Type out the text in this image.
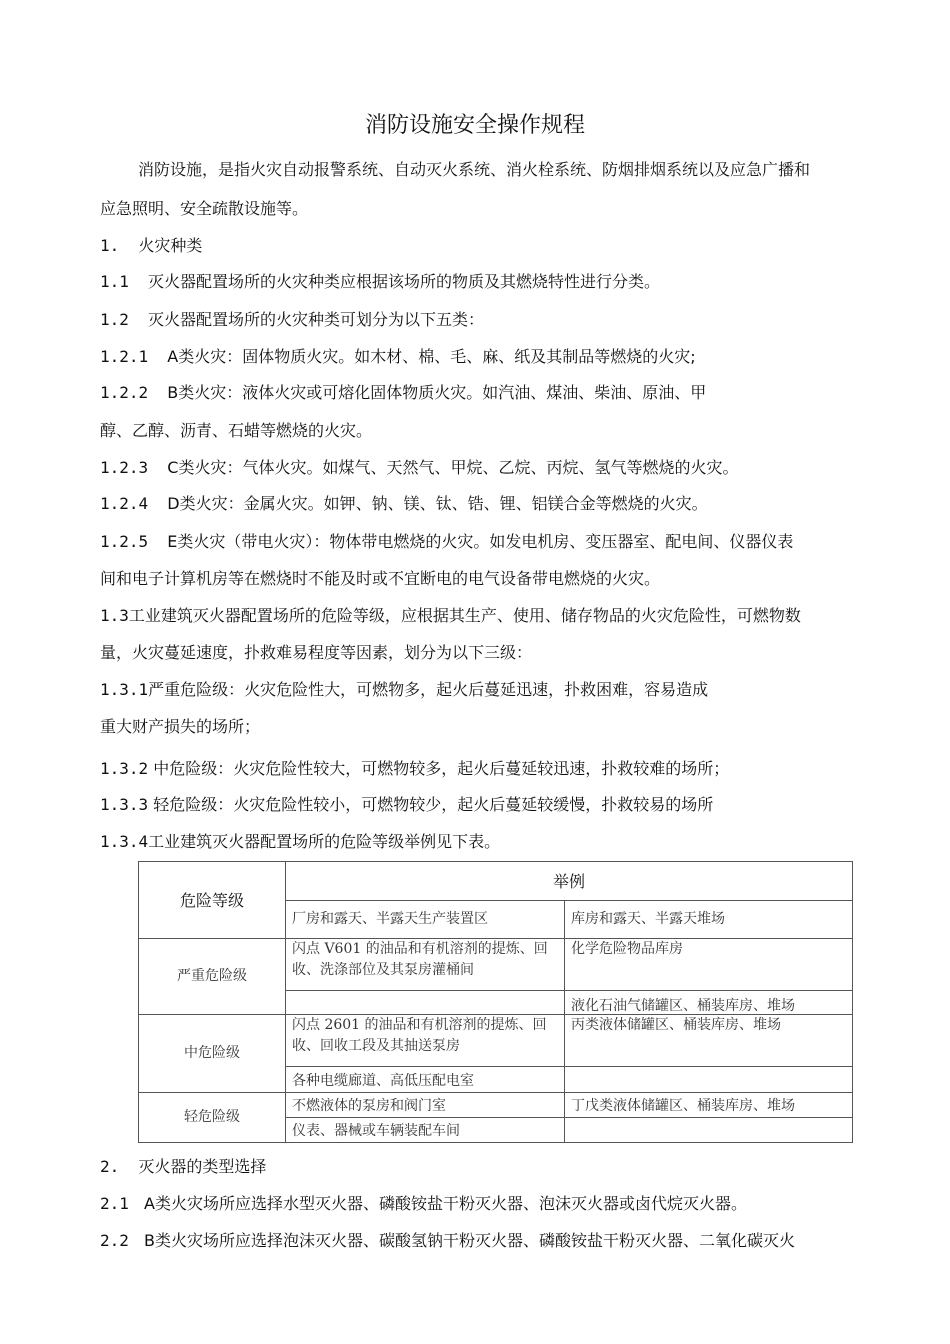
消防设施安全操作规程
消防设施，是指火灾自动报警系统、自动灭火系统、消火栓系统、防烟排烟系统以及应急广播和
应急照明、安全疏散设施等。
1. 火灾种类
1.1 灭火器配置场所的火灾种类应根据该场所的物质及其燃烧特性进行分类。
1.2 灭火器配置场所的火灾种类可划分为以下五类：
1.2.1 A类火灾：固体物质火灾。如木材、棉、毛、麻、纸及其制品等燃烧的火灾;
1.2.2 B类火灾：液体火灾或可熔化固体物质火灾。如汽油、煤油、柴油、原油、甲
醇、乙醇、沥青、石蜡等燃烧的火灾。
1.2.3 C类火灾：气体火灾。如煤气、天然气、甲烷、乙烷、丙烷、氢气等燃烧的火灾。
1.2.4 D类火灾：金属火灾。如钾、钠、镁、钛、锆、锂、铝镁合金等燃烧的火灾。
1.2.5 E类火灾（带电火灾）：物体带电燃烧的火灾。如发电机房、变压器室、配电间、仪器仪表
间和电子计算机房等在燃烧时不能及时或不宜断电的电气设备带电燃烧的火灾。
1.3工业建筑灭火器配置场所的危险等级，应根据其生产、使用、储存物品的火灾危险性，可燃物数
量，火灾蔓延速度，扑救难易程度等因素，划分为以下三级：
1.3.1严重危险级：火灾危险性大，可燃物多，起火后蔓延迅速，扑救困难，容易造成
重大财产损失的场所；
1.3.2 中危险级：火灾危险性较大，可燃物较多，起火后蔓延较迅速，扑救较难的场所；
1.3.3 轻危险级：火灾危险性较小，可燃物较少，起火后蔓延较缓慢，扑救较易的场所
1.3.4工业建筑灭火器配置场所的危险等级举例见下表。
危险等级	举例	
	厂房和露天、半露天生产装置区	库房和露天、半露天堆场
严重危险级	闪点 V601 的油品和有机溶剂的提炼、回收、洗涤部位及其泵房灌桶间	化学危险物品库房
		液化石油气储罐区、桶装库房、堆场
中危险级	闪点 2601 的油品和有机溶剂的提炼、回收、回收工段及其抽送泵房	丙类液体储罐区、桶装库房、堆场
	各种电缆廊道、高低压配电室	
轻危险级	不燃液体的泵房和阀门室	丁戊类液体储罐区、桶装库房、堆场
	仪表、器械或车辆装配车间	
2. 灭火器的类型选择
2.1 A类火灾场所应选择水型灭火器、磷酸铵盐干粉灭火器、泡沫灭火器或卤代烷灭火器。
2.2 B类火灾场所应选择泡沫灭火器、碳酸氢钠干粉灭火器、磷酸铵盐干粉灭火器、二氧化碳灭火
